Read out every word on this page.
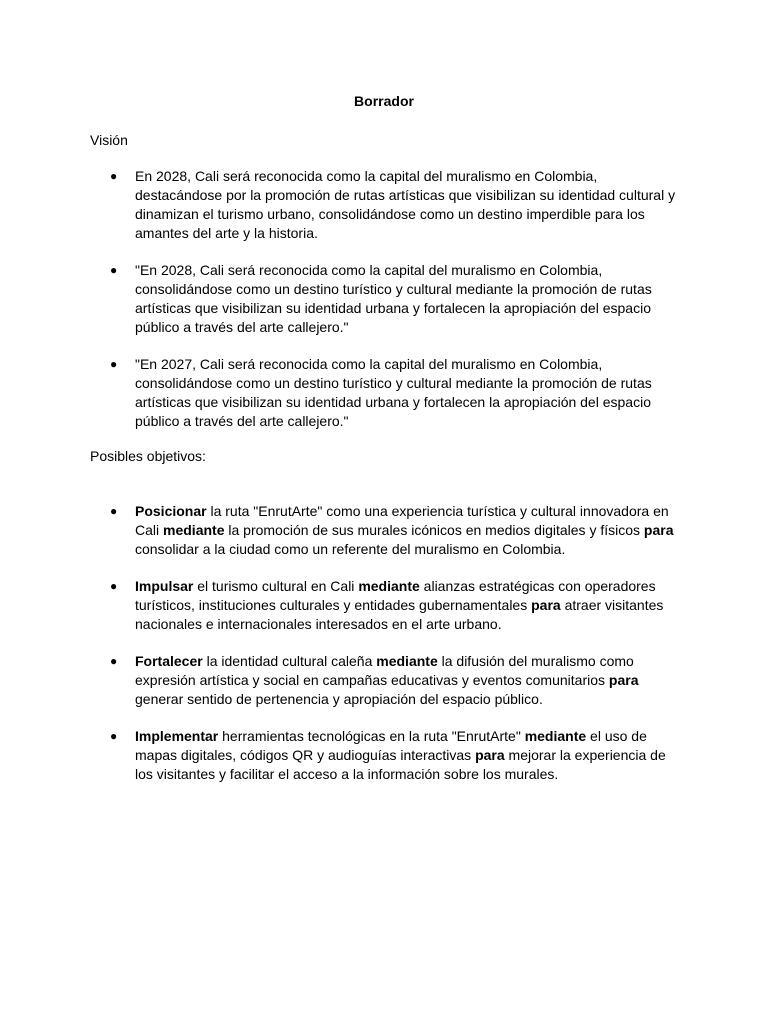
Borrador

Visión

● En 2028, Cali será reconocida como la capital del muralismo en Colombia, destacándose por la promoción de rutas artísticas que visibilizan su identidad cultural y dinamizan el turismo urbano, consolidándose como un destino imperdible para los amantes del arte y la historia.
● "En 2028, Cali será reconocida como la capital del muralismo en Colombia, consolidándose como un destino turístico y cultural mediante la promoción de rutas artísticas que visibilizan su identidad urbana y fortalecen la apropiación del espacio público a través del arte callejero."
● "En 2027, Cali será reconocida como la capital del muralismo en Colombia, consolidándose como un destino turístico y cultural mediante la promoción de rutas artísticas que visibilizan su identidad urbana y fortalecen la apropiación del espacio público a través del arte callejero."

Posibles objetivos:

● Posicionar la ruta "EnrutArte" como una experiencia turística y cultural innovadora en Cali mediante la promoción de sus murales icónicos en medios digitales y físicos para consolidar a la ciudad como un referente del muralismo en Colombia.
● Impulsar el turismo cultural en Cali mediante alianzas estratégicas con operadores turísticos, instituciones culturales y entidades gubernamentales para atraer visitantes nacionales e internacionales interesados en el arte urbano.
● Fortalecer la identidad cultural caleña mediante la difusión del muralismo como expresión artística y social en campañas educativas y eventos comunitarios para generar sentido de pertenencia y apropiación del espacio público.
● Implementar herramientas tecnológicas en la ruta "EnrutArte" mediante el uso de mapas digitales, códigos QR y audioguías interactivas para mejorar la experiencia de los visitantes y facilitar el acceso a la información sobre los murales.
